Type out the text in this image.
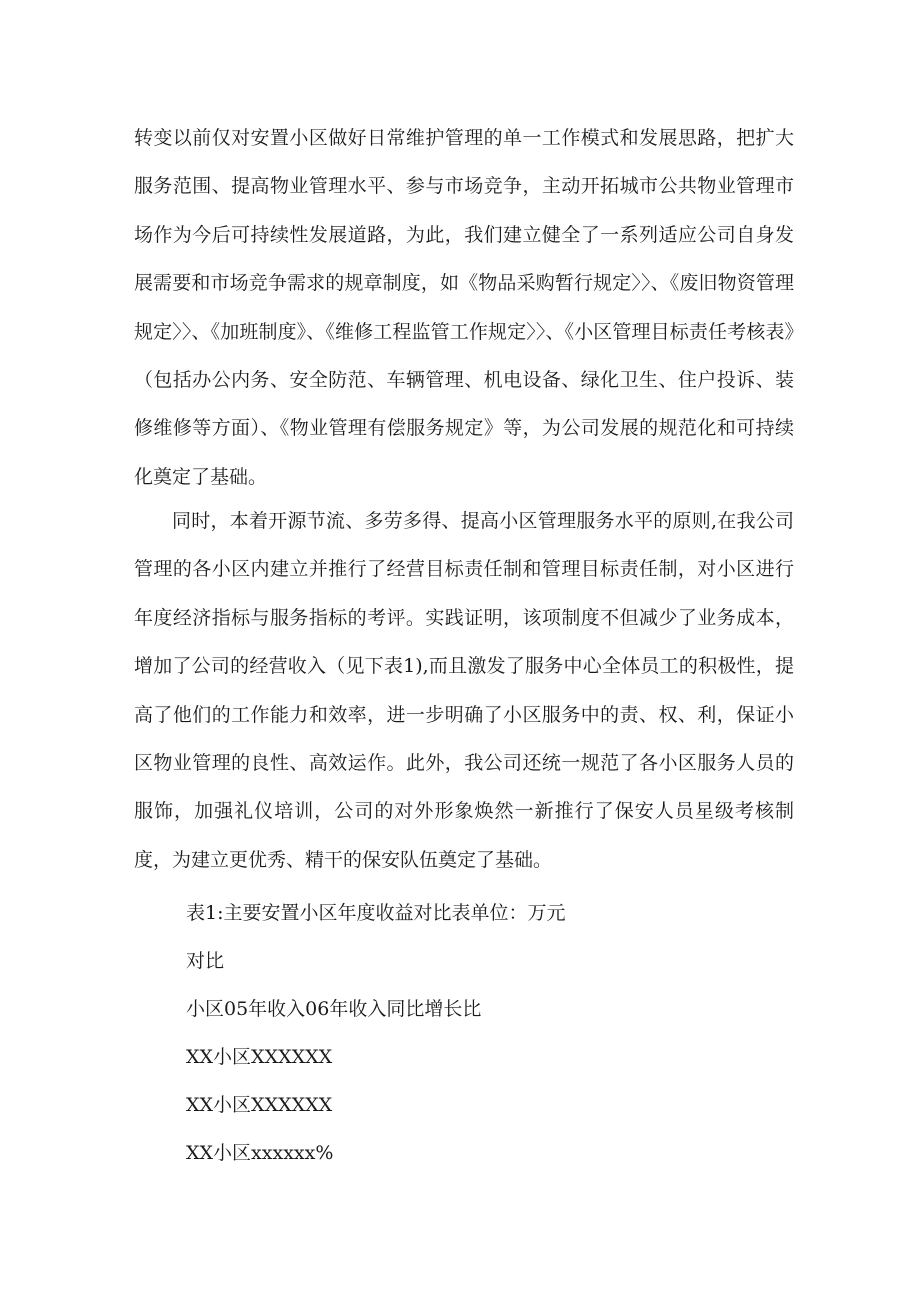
转变以前仅对安置小区做好日常维护管理的单一工作模式和发展思路，把扩大服务范围、提高物业管理水平、参与市场竞争，主动开拓城市公共物业管理市场作为今后可持续性发展道路，为此，我们建立健全了一系列适应公司自身发展需要和市场竞争需求的规章制度，如《物品采购暂行规定〉〉、《废旧物资管理规定〉〉、《加班制度》、《维修工程监管工作规定〉〉、《小区管理目标责任考核表》（包括办公内务、安全防范、车辆管理、机电设备、绿化卫生、住户投诉、装修维修等方面）、《物业管理有偿服务规定》等，为公司发展的规范化和可持续化奠定了基础。

同时，本着开源节流、多劳多得、提高小区管理服务水平的原则,在我公司管理的各小区内建立并推行了经营目标责任制和管理目标责任制，对小区进行年度经济指标与服务指标的考评。实践证明，该项制度不但减少了业务成本，增加了公司的经营收入（见下表1),而且激发了服务中心全体员工的积极性，提高了他们的工作能力和效率，进一步明确了小区服务中的责、权、利，保证小区物业管理的良性、高效运作。此外，我公司还统一规范了各小区服务人员的服饰，加强礼仪培训，公司的对外形象焕然一新推行了保安人员星级考核制度，为建立更优秀、精干的保安队伍奠定了基础。

表1:主要安置小区年度收益对比表单位：万元

对比

小区05年收入06年收入同比增长比

XX小区XXXXXX

XX小区XXXXXX

XX小区xxxxxx%
